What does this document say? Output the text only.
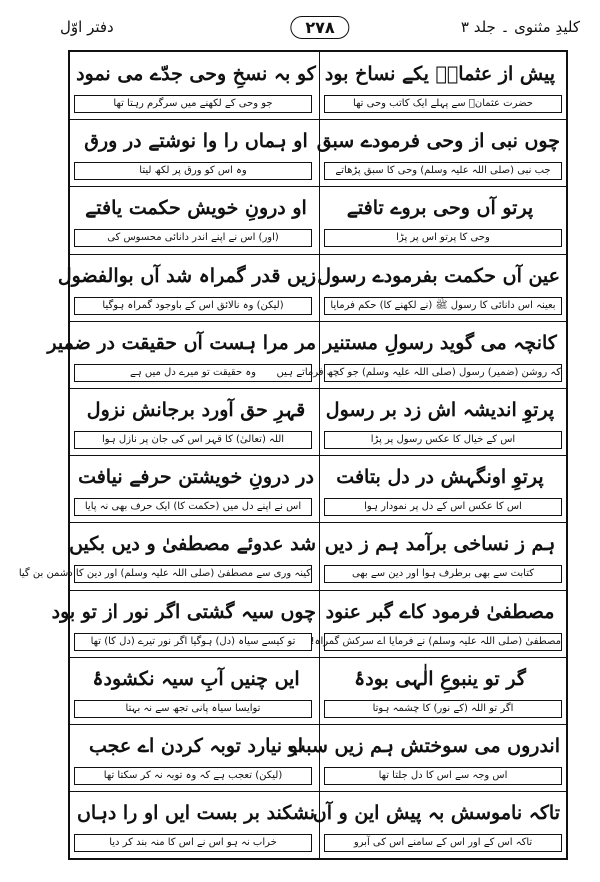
دفتر اوّل	۲۷۸	کلیدِ مثنوی ۔ جلد ۳
پیش از عثمانؓ یکے نساخ بود
کو بہ نسخِ وحی جدّے می نمود
حضرت عثمانؓ سے پہلے ایک کاتب وحی تھا
جو وحی کے لکھنے میں سرگرم رہتا تھا
چوں نبی از وحی فرمودے سبق
او ہماں را وا نوشتے در ورق
جب نبی (صلی اللہ علیہ وسلم) وحی کا سبق پڑھاتے
وہ اس کو ورق پر لکھ لیتا
پرتو آں وحی بروے تافتے
او درونِ خویش حکمت یافتے
وحی کا پرتو اس پر پڑا
(اور) اس نے اپنے اندر دانائی محسوس کی
عین آں حکمت بفرمودے رسول
زیں قدر گمراہ شد آں بوالفضول
بعینہ اس دانائی کا رسول ﷺ (نے لکھنے کا) حکم فرمایا
(لیکن) وہ نالائق اس کے باوجود گمراہ ہوگیا
کانچہ می گوید رسولِ مستنیر
مر مرا ہست آں حقیقت در ضمیر
کہ روشن (ضمیر) رسول (صلی اللہ علیہ وسلم) جو کچھ فرماتے ہیں
وہ حقیقت تو میرے دل میں ہے
پرتوِ اندیشہ اش زد بر رسول
قہرِ حق آورد برجانش نزول
اس کے خیال کا عکس رسول پر پڑا
اللہ (تعالیٰ) کا قہر اس کی جان پر نازل ہوا
پرتوِ اونگہش در دل بتافت
در درونِ خویشتن حرفے نیافت
اس کا عکس اس کے دل پر نمودار ہوا
اس نے اپنے دل میں (حکمت کا) ایک حرف بھی نہ پایا
ہم ز نساخی برآمد ہم ز دیں
شد عدوئے مصطفیٰ و دیں بکیں
کتابت سے بھی برطرف ہوا اور دین سے بھی
کینہ وری سے مصطفیٰ (صلی اللہ علیہ وسلم) اور دین کا دشمن بن گیا
مصطفیٰ فرمود کاے گبر عنود
چوں سیہ گشتی اگر نور از تو بود
مصطفیٰ (صلی اللہ علیہ وسلم) نے فرمایا اے سرکش گمراہ!
تو کیسے سیاہ (دل) ہوگیا اگر نور تیرے (دل کا) تھا
گر تو ینبوعِ الٰہی بودۂ
ایں چنیں آبِ سیہ نکشودۂ
اگر تو اللہ (کے نور) کا چشمہ ہوتا
توایسا سیاہ پانی تجھ سے نہ بہتا
اندروں می سوختش ہم زیں سبب
او نیارد توبہ کردن اے عجب
اس وجہ سے اس کا دل جلتا تھا
(لیکن) تعجب ہے کہ وہ توبہ نہ کر سکتا تھا
تاکہ ناموسش بہ پیش این و آں
نشکند بر بست ایں او را دہاں
تاکہ اس کے اور اس کے سامنے اس کی آبرو
خراب نہ ہو اس نے اس کا منہ بند کر دیا
